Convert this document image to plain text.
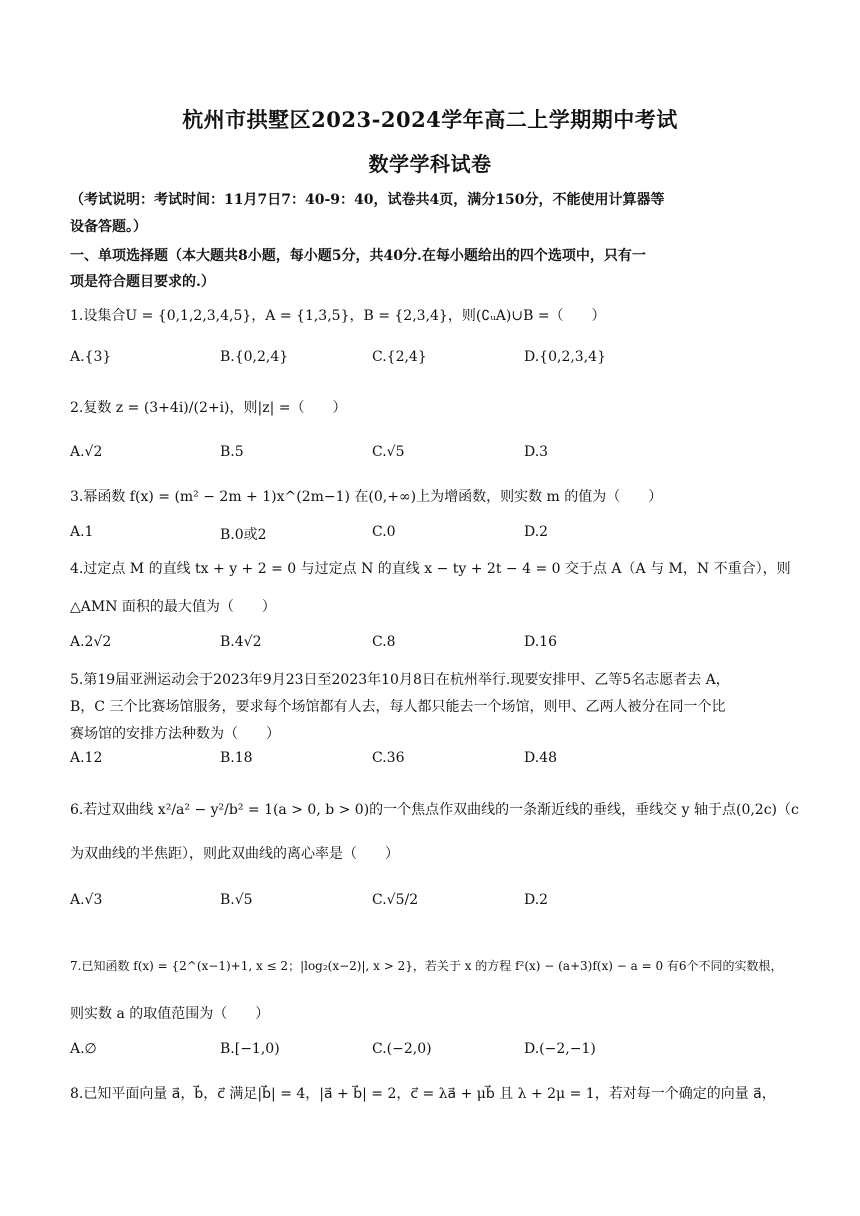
杭州市拱墅区2023-2024学年高二上学期期中考试
数学学科试卷
（考试说明：考试时间：11月7日7：40-9：40，试卷共4页，满分150分，不能使用计算器等
设备答题。）
一、单项选择题（本大题共8小题，每小题5分，共40分.在每小题给出的四个选项中，只有一
项是符合题目要求的.）
1.设集合U = {0,1,2,3,4,5}，A = {1,3,5}，B = {2,3,4}，则(∁ᵤA)∪B =（　　）
A.{3}	B.{0,2,4}	C.{2,4}	D.{0,2,3,4}
2.复数 z = (3+4i)/(2+i)，则|z| =（　　）
A.√2	B.5	C.√5	D.3
3.幂函数 f(x) = (m² − 2m + 1)x^(2m−1) 在(0,+∞)上为增函数，则实数 m 的值为（　　）
A.1	B.0或2	C.0	D.2
4.过定点 M 的直线 tx + y + 2 = 0 与过定点 N 的直线 x − ty + 2t − 4 = 0 交于点 A（A 与 M，N 不重合），则
△AMN 面积的最大值为（　　）
A.2√2	B.4√2	C.8	D.16
5.第19届亚洲运动会于2023年9月23日至2023年10月8日在杭州举行.现要安排甲、乙等5名志愿者去 A，
B，C 三个比赛场馆服务，要求每个场馆都有人去，每人都只能去一个场馆，则甲、乙两人被分在同一个比
赛场馆的安排方法种数为（　　）
A.12	B.18	C.36	D.48
6.若过双曲线 x²/a² − y²/b² = 1(a > 0, b > 0)的一个焦点作双曲线的一条渐近线的垂线，垂线交 y 轴于点(0,2c)（c
为双曲线的半焦距），则此双曲线的离心率是（　　）
A.√3	B.√5	C.√5/2	D.2
7.已知函数 f(x) = {2^(x−1)+1, x ≤ 2；|log₂(x−2)|, x > 2}，若关于 x 的方程 f²(x) − (a+3)f(x) − a = 0 有6个不同的实数根，
则实数 a 的取值范围为（　　）
A.∅	B.[−1,0)	C.(−2,0)	D.(−2,−1)
8.已知平面向量 a⃗，b⃗，c⃗ 满足|b⃗| = 4，|a⃗ + b⃗| = 2，c⃗ = λa⃗ + μb⃗ 且 λ + 2μ = 1，若对每一个确定的向量 a⃗，
